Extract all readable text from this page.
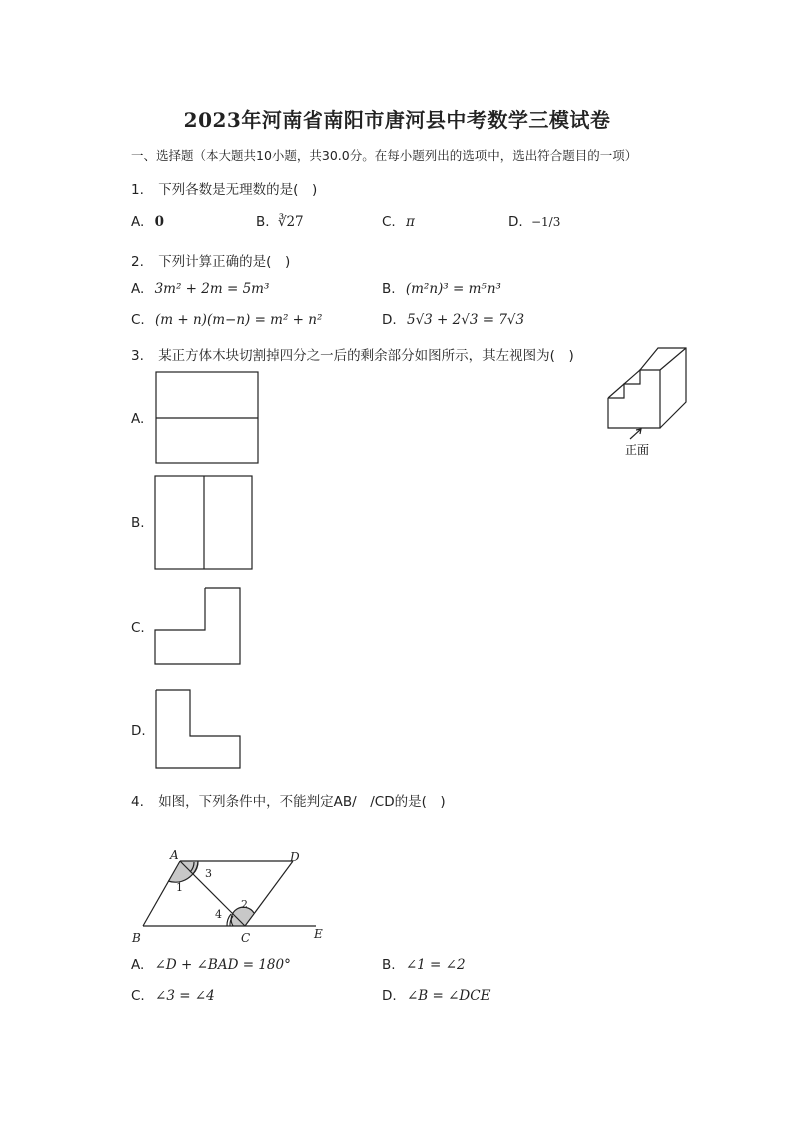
2023年河南省南阳市唐河县中考数学三模试卷
一、选择题（本大题共10小题，共30.0分。在每小题列出的选项中，选出符合题目的一项）
1. 下列各数是无理数的是(　)
A. 0	B. ∛27	C. π	D. −1/3
2. 下列计算正确的是(　)
A. 3m² + 2m = 5m³	B. (m²n)³ = m⁵n³
C. (m + n)(m−n) = m² + n²	D. 5√3 + 2√3 = 7√3
3. 某正方体木块切割掉四分之一后的剩余部分如图所示，其左视图为(　)
正面
A.
B.
C.
D.
4. 如图，下列条件中，不能判定AB/　/CD的是(　)
A
B	C
D
E
1
2
3
4
A. ∠D + ∠BAD = 180°	B. ∠1 = ∠2
C. ∠3 = ∠4	D. ∠B = ∠DCE
